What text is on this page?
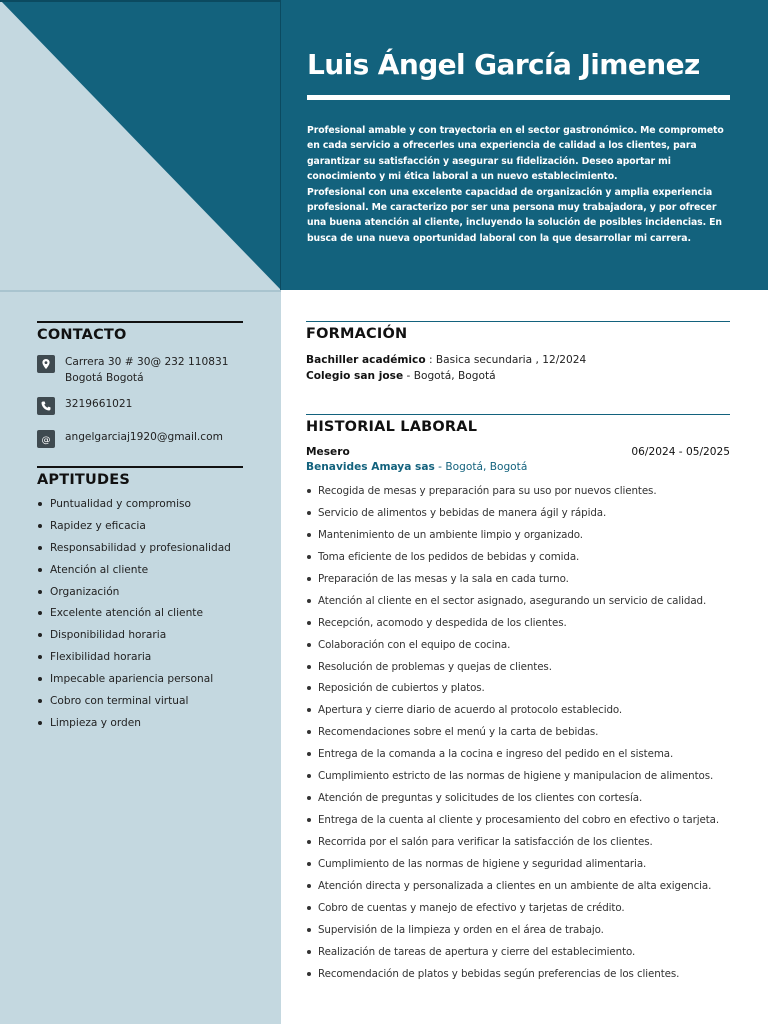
Luis Ángel García Jimenez

Profesional amable y con trayectoria en el sector gastronómico. Me comprometo en cada servicio a ofrecerles una experiencia de calidad a los clientes, para garantizar su satisfacción y asegurar su fidelización. Deseo aportar mi conocimiento y mi ética laboral a un nuevo establecimiento.

Profesional con una excelente capacidad de organización y amplia experiencia profesional. Me caracterizo por ser una persona muy trabajadora, y por ofrecer una buena atención al cliente, incluyendo la solución de posibles incidencias. En busca de una nueva oportunidad laboral con la que desarrollar mi carrera.

CONTACTO
Carrera 30 # 30@ 232 110831
Bogotá Bogotá
3219661021
@ angelgarciaj1920@gmail.com
APTITUDES
Puntualidad y compromiso
Rapidez y eficacia
Responsabilidad y profesionalidad
Atención al cliente
Organización
Excelente atención al cliente
Disponibilidad horaria
Flexibilidad horaria
Impecable apariencia personal
Cobro con terminal virtual
Limpieza y orden
FORMACIÓN
Bachiller académico : Basica secundaria , 12/2024
Colegio san jose - Bogotá, Bogotá
HISTORIAL LABORAL
Mesero	06/2024 - 05/2025
Benavides Amaya sas - Bogotá, Bogotá
Recogida de mesas y preparación para su uso por nuevos clientes.
Servicio de alimentos y bebidas de manera ágil y rápida.
Mantenimiento de un ambiente limpio y organizado.
Toma eficiente de los pedidos de bebidas y comida.
Preparación de las mesas y la sala en cada turno.
Atención al cliente en el sector asignado, asegurando un servicio de calidad.
Recepción, acomodo y despedida de los clientes.
Colaboración con el equipo de cocina.
Resolución de problemas y quejas de clientes.
Reposición de cubiertos y platos.
Apertura y cierre diario de acuerdo al protocolo establecido.
Recomendaciones sobre el menú y la carta de bebidas.
Entrega de la comanda a la cocina e ingreso del pedido en el sistema.
Cumplimiento estricto de las normas de higiene y manipulacion de alimentos.
Atención de preguntas y solicitudes de los clientes con cortesía.
Entrega de la cuenta al cliente y procesamiento del cobro en efectivo o tarjeta.
Recorrida por el salón para verificar la satisfacción de los clientes.
Cumplimiento de las normas de higiene y seguridad alimentaria.
Atención directa y personalizada a clientes en un ambiente de alta exigencia.
Cobro de cuentas y manejo de efectivo y tarjetas de crédito.
Supervisión de la limpieza y orden en el área de trabajo.
Realización de tareas de apertura y cierre del establecimiento.
Recomendación de platos y bebidas según preferencias de los clientes.
